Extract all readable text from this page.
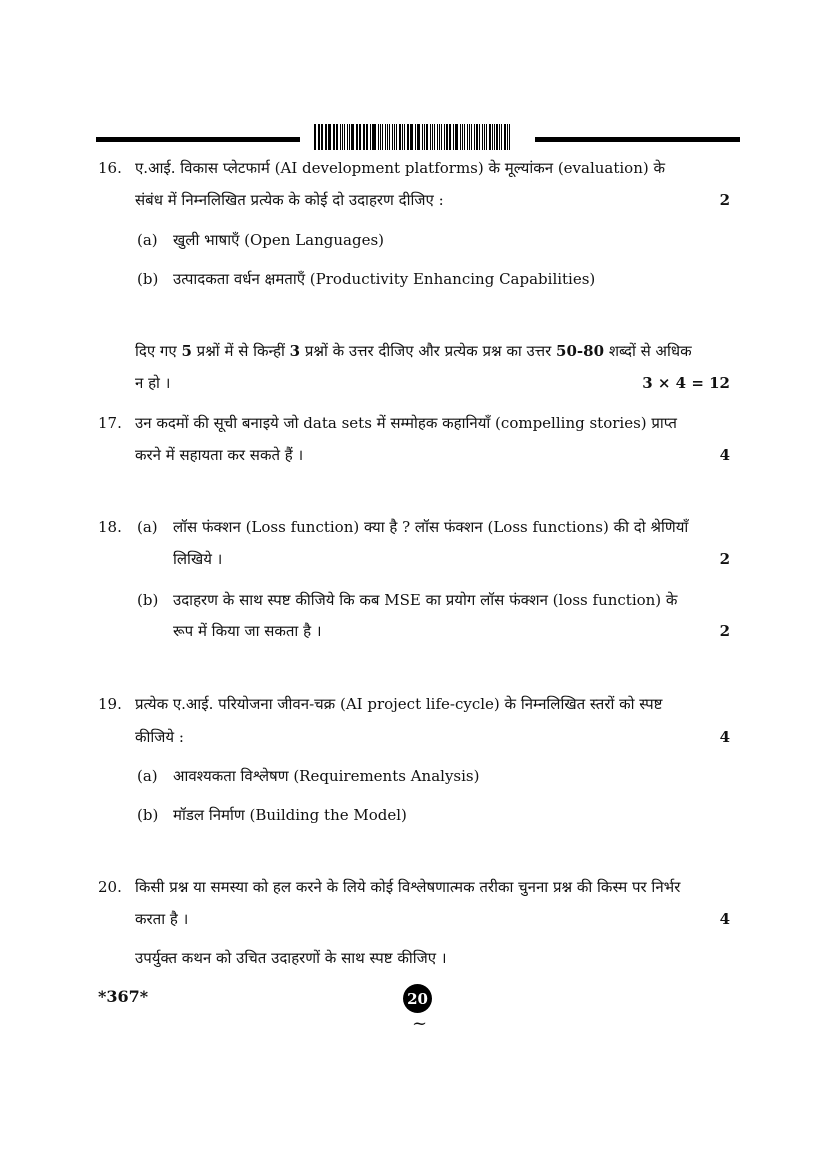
16. ए.आई. विकास प्लेटफार्म (AI development platforms) के मूल्यांकन (evaluation) के
संबंध में निम्नलिखित प्रत्येक के कोई दो उदाहरण दीजिए :	2
(a) खुली भाषाएँ (Open Languages)
(b) उत्पादकता वर्धन क्षमताएँ (Productivity Enhancing Capabilities)
दिए गए 5 प्रश्नों में से किन्हीं 3 प्रश्नों के उत्तर दीजिए और प्रत्येक प्रश्न का उत्तर 50-80 शब्दों से अधिक
न हो ।	3 × 4 = 12
17. उन कदमों की सूची बनाइये जो data sets में सम्मोहक कहानियाँ (compelling stories) प्राप्त
करने में सहायता कर सकते हैं ।	4
18. (a) लॉस फंक्शन (Loss function) क्या है ? लॉस फंक्शन (Loss functions) की दो श्रेणियाँ
लिखिये ।	2
(b) उदाहरण के साथ स्पष्ट कीजिये कि कब MSE का प्रयोग लॉस फंक्शन (loss function) के
रूप में किया जा सकता है ।	2
19. प्रत्येक ए.आई. परियोजना जीवन-चक्र (AI project life-cycle) के निम्नलिखित स्तरों को स्पष्ट
कीजिये :	4
(a) आवश्यकता विश्लेषण (Requirements Analysis)
(b) मॉडल निर्माण (Building the Model)
20. किसी प्रश्न या समस्या को हल करने के लिये कोई विश्लेषणात्मक तरीका चुनना प्रश्न की किस्म पर निर्भर
करता है ।	4
उपर्युक्त कथन को उचित उदाहरणों के साथ स्पष्ट कीजिए ।
*367*	20
~
